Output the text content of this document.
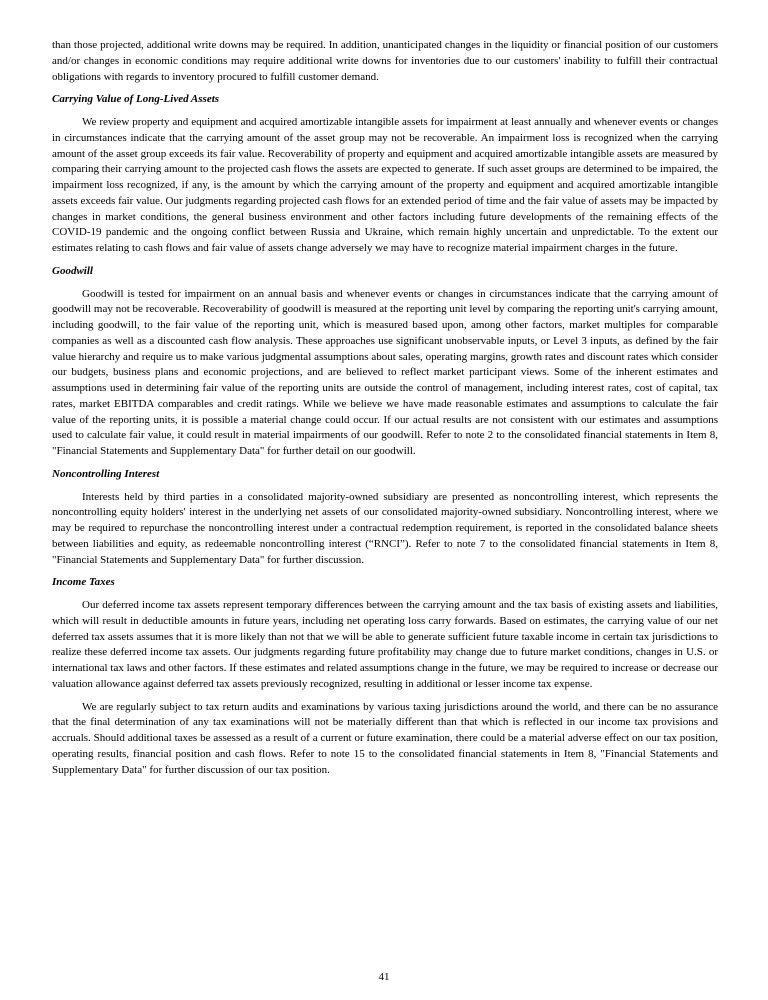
than those projected, additional write downs may be required. In addition, unanticipated changes in the liquidity or financial position of our customers and/or changes in economic conditions may require additional write downs for inventories due to our customers' inability to fulfill their contractual obligations with regards to inventory procured to fulfill customer demand.

Carrying Value of Long-Lived Assets

We review property and equipment and acquired amortizable intangible assets for impairment at least annually and whenever events or changes in circumstances indicate that the carrying amount of the asset group may not be recoverable. An impairment loss is recognized when the carrying amount of the asset group exceeds its fair value. Recoverability of property and equipment and acquired amortizable intangible assets are measured by comparing their carrying amount to the projected cash flows the assets are expected to generate. If such asset groups are determined to be impaired, the impairment loss recognized, if any, is the amount by which the carrying amount of the property and equipment and acquired amortizable intangible assets exceeds fair value. Our judgments regarding projected cash flows for an extended period of time and the fair value of assets may be impacted by changes in market conditions, the general business environment and other factors including future developments of the remaining effects of the COVID-19 pandemic and the ongoing conflict between Russia and Ukraine, which remain highly uncertain and unpredictable. To the extent our estimates relating to cash flows and fair value of assets change adversely we may have to recognize material impairment charges in the future.

Goodwill

Goodwill is tested for impairment on an annual basis and whenever events or changes in circumstances indicate that the carrying amount of goodwill may not be recoverable. Recoverability of goodwill is measured at the reporting unit level by comparing the reporting unit's carrying amount, including goodwill, to the fair value of the reporting unit, which is measured based upon, among other factors, market multiples for comparable companies as well as a discounted cash flow analysis. These approaches use significant unobservable inputs, or Level 3 inputs, as defined by the fair value hierarchy and require us to make various judgmental assumptions about sales, operating margins, growth rates and discount rates which consider our budgets, business plans and economic projections, and are believed to reflect market participant views. Some of the inherent estimates and assumptions used in determining fair value of the reporting units are outside the control of management, including interest rates, cost of capital, tax rates, market EBITDA comparables and credit ratings. While we believe we have made reasonable estimates and assumptions to calculate the fair value of the reporting units, it is possible a material change could occur. If our actual results are not consistent with our estimates and assumptions used to calculate fair value, it could result in material impairments of our goodwill. Refer to note 2 to the consolidated financial statements in Item 8, "Financial Statements and Supplementary Data" for further detail on our goodwill.

Noncontrolling Interest

Interests held by third parties in a consolidated majority-owned subsidiary are presented as noncontrolling interest, which represents the noncontrolling equity holders' interest in the underlying net assets of our consolidated majority-owned subsidiary. Noncontrolling interest, where we may be required to repurchase the noncontrolling interest under a contractual redemption requirement, is reported in the consolidated balance sheets between liabilities and equity, as redeemable noncontrolling interest (“RNCI”). Refer to note 7 to the consolidated financial statements in Item 8, "Financial Statements and Supplementary Data" for further discussion.

Income Taxes

Our deferred income tax assets represent temporary differences between the carrying amount and the tax basis of existing assets and liabilities, which will result in deductible amounts in future years, including net operating loss carry forwards. Based on estimates, the carrying value of our net deferred tax assets assumes that it is more likely than not that we will be able to generate sufficient future taxable income in certain tax jurisdictions to realize these deferred income tax assets. Our judgments regarding future profitability may change due to future market conditions, changes in U.S. or international tax laws and other factors. If these estimates and related assumptions change in the future, we may be required to increase or decrease our valuation allowance against deferred tax assets previously recognized, resulting in additional or lesser income tax expense.

We are regularly subject to tax return audits and examinations by various taxing jurisdictions around the world, and there can be no assurance that the final determination of any tax examinations will not be materially different than that which is reflected in our income tax provisions and accruals. Should additional taxes be assessed as a result of a current or future examination, there could be a material adverse effect on our tax position, operating results, financial position and cash flows. Refer to note 15 to the consolidated financial statements in Item 8, "Financial Statements and Supplementary Data" for further discussion of our tax position.

41
